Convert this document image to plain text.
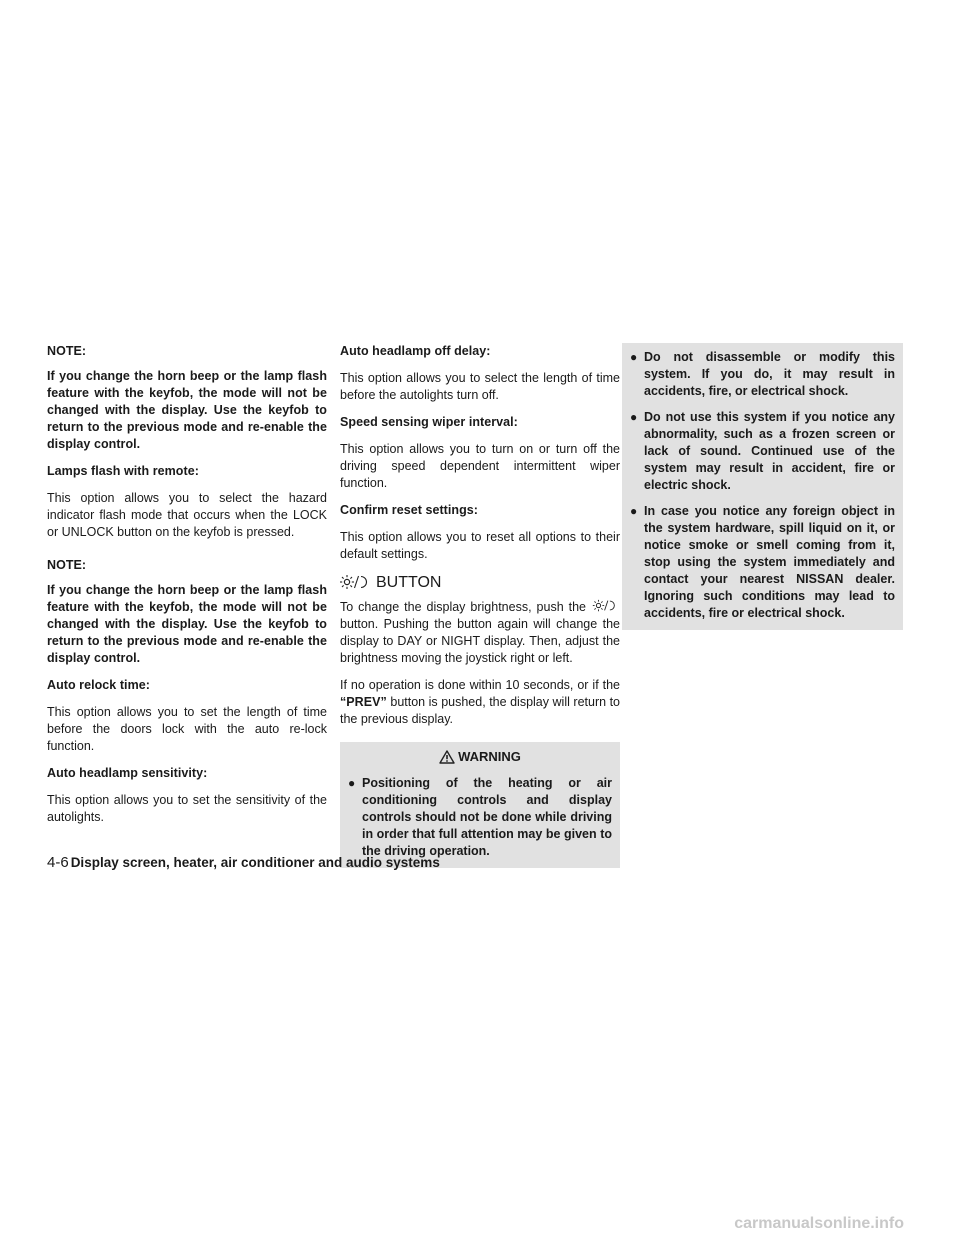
NOTE:

If you change the horn beep or the lamp flash feature with the keyfob, the mode will not be changed with the display. Use the keyfob to return to the previous mode and re-enable the display control.

Lamps flash with remote:

This option allows you to select the hazard indicator flash mode that occurs when the LOCK or UNLOCK button on the keyfob is pressed.

NOTE:

If you change the horn beep or the lamp flash feature with the keyfob, the mode will not be changed with the display. Use the keyfob to return to the previous mode and re-enable the display control.

Auto relock time:

This option allows you to set the length of time before the doors lock with the auto re-lock function.

Auto headlamp sensitivity:

This option allows you to set the sensitivity of the autolights.

Auto headlamp off delay:

This option allows you to select the length of time before the autolights turn off.

Speed sensing wiper interval:

This option allows you to turn on or turn off the driving speed dependent intermittent wiper function.

Confirm reset settings:

This option allows you to reset all options to their default settings.

BUTTON

To change the display brightness, push the  button. Pushing the button again will change the display to DAY or NIGHT display. Then, adjust the brightness moving the joystick right or left.

If no operation is done within 10 seconds, or if the “PREV” button is pushed, the display will return to the previous display.

WARNING
● Positioning of the heating or air conditioning controls and display controls should not be done while driving in order that full attention may be given to the driving operation.
● Do not disassemble or modify this system. If you do, it may result in accidents, fire, or electrical shock.
● Do not use this system if you notice any abnormality, such as a frozen screen or lack of sound. Continued use of the system may result in accident, fire or electric shock.
● In case you notice any foreign object in the system hardware, spill liquid on it, or notice smoke or smell coming from it, stop using the system immediately and contact your nearest NISSAN dealer. Ignoring such conditions may lead to accidents, fire or electrical shock.
4-6 Display screen, heater, air conditioner and audio systems
carmanualsonline.info
